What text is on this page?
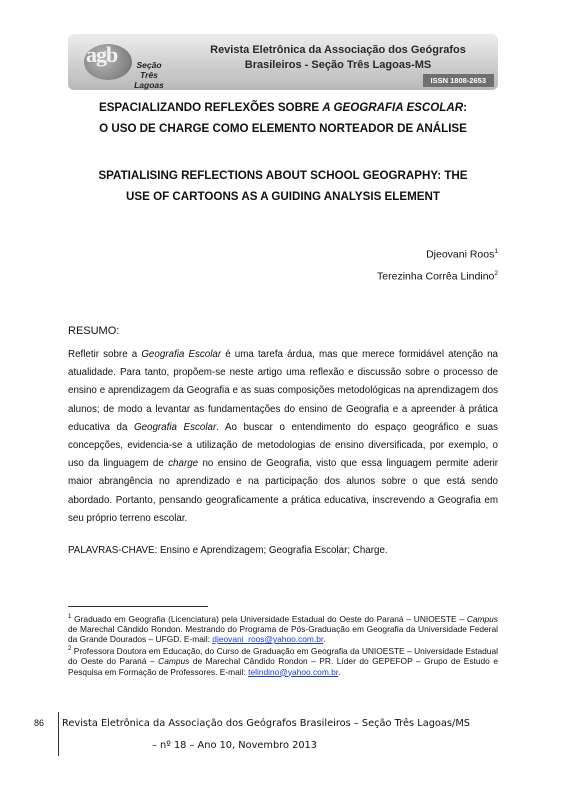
agb	Seção
Três Lagoas
Revista Eletrônica da Associação dos Geógrafos
Brasileiros - Seção Três Lagoas-MS
ISSN 1808-2653
ESPACIALIZANDO REFLEXÕES SOBRE A GEOGRAFIA ESCOLAR:
O USO DE CHARGE COMO ELEMENTO NORTEADOR DE ANÁLISE
SPATIALISING REFLECTIONS ABOUT SCHOOL GEOGRAPHY: THE
USE OF CARTOONS AS A GUIDING ANALYSIS ELEMENT
Djeovani Roos$^1$
Terezinha Corrêa Lindino$^2$
RESUMO:

Refletir sobre a Geografia Escolar é uma tarefa árdua, mas que merece formidável atenção na atualidade. Para tanto, propõem-se neste artigo uma reflexão e discussão sobre o processo de ensino e aprendizagem da Geografia e as suas composições metodológicas na aprendizagem dos alunos; de modo a levantar as fundamentações do ensino de Geografia e a apreender à prática educativa da Geografia Escolar. Ao buscar o entendimento do espaço geográfico e suas concepções, evidencia-se a utilização de metodologias de ensino diversificada, por exemplo, o uso da linguagem de charge no ensino de Geografia, visto que essa linguagem permite aderir maior abrangência no aprendizado e na participação dos alunos sobre o que está sendo abordado. Portanto, pensando geograficamente a prática educativa, inscrevendo a Geografia em seu próprio terreno escolar.

PALAVRAS-CHAVE: Ensino e Aprendizagem; Geografia Escolar; Charge.

$^1$ Graduado em Geografia (Licenciatura) pela Universidade Estadual do Oeste do Paraná – UNIOESTE – Campus de Marechal Cândido Rondon. Mestrando do Programa de Pós-Graduação em Geografia da Universidade Federal da Grande Dourados – UFGD. E-mail: djeovani_roos@yahoo.com.br.

$^2$ Professora Doutora em Educação, do Curso de Graduação em Geografia da UNIOESTE – Universidade Estadual do Oeste do Paraná – Campus de Marechal Cândido Rondon – PR. Líder do GEPEFOP – Grupo de Estudo e Pesquisa em Formação de Professores. E-mail: telindino@yahoo.com.br.

86 Revista Eletrônica da Associação dos Geógrafos Brasileiros – Seção Três Lagoas/MS
– nº 18 – Ano 10, Novembro 2013
